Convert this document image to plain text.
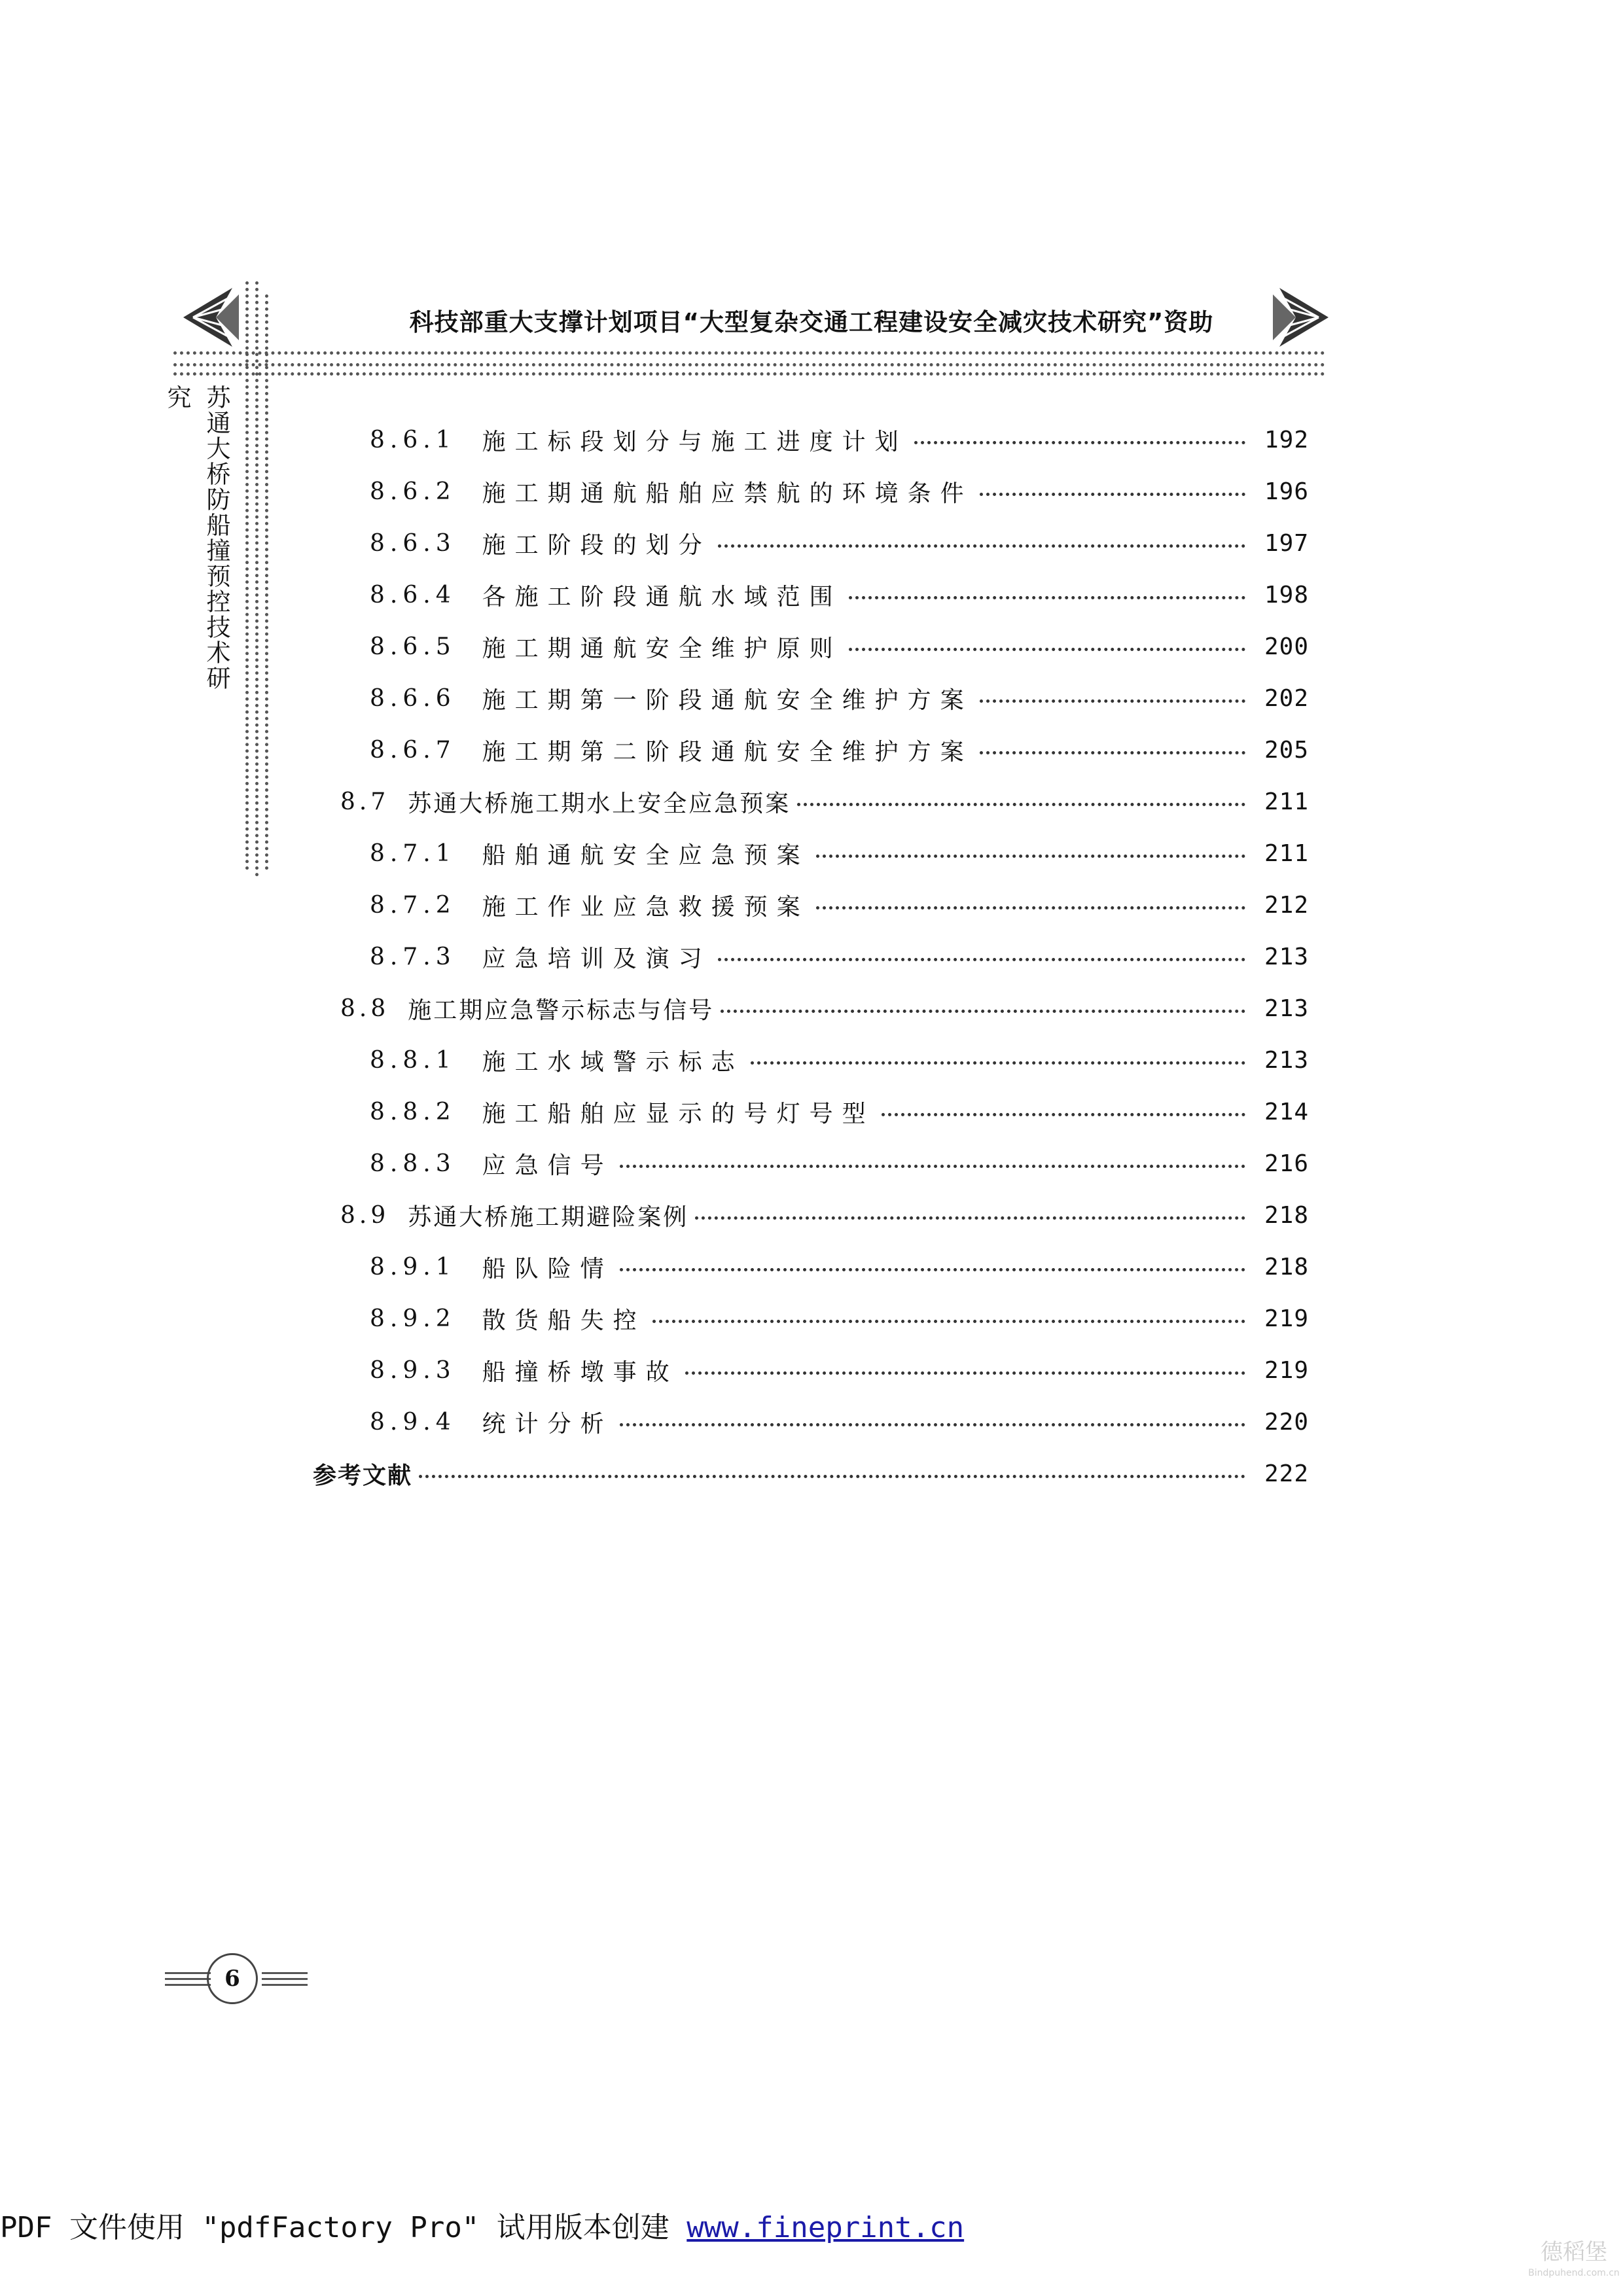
科技部重大支撑计划项目“大型复杂交通工程建设安全减灾技术研究”资助
苏通大桥防船撞预控技术研究
8.6.1 施工标段划分与施工进度计划	192
8.6.2 施工期通航船舶应禁航的环境条件	196
8.6.3 施工阶段的划分	197
8.6.4 各施工阶段通航水域范围	198
8.6.5 施工期通航安全维护原则	200
8.6.6 施工期第一阶段通航安全维护方案	202
8.6.7 施工期第二阶段通航安全维护方案	205
8.7 苏通大桥施工期水上安全应急预案	211
8.7.1 船舶通航安全应急预案	211
8.7.2 施工作业应急救援预案	212
8.7.3 应急培训及演习	213
8.8 施工期应急警示标志与信号	213
8.8.1 施工水域警示标志	213
8.8.2 施工船舶应显示的号灯号型	214
8.8.3 应急信号	216
8.9 苏通大桥施工期避险案例	218
8.9.1 船队险情	218
8.9.2 散货船失控	219
8.9.3 船撞桥墩事故	219
8.9.4 统计分析	220
参考文献	222
6
PDF 文件使用 "pdfFactory Pro" 试用版本创建 www.fineprint.cn
德稻堡
Bindpuhend.com.cn
